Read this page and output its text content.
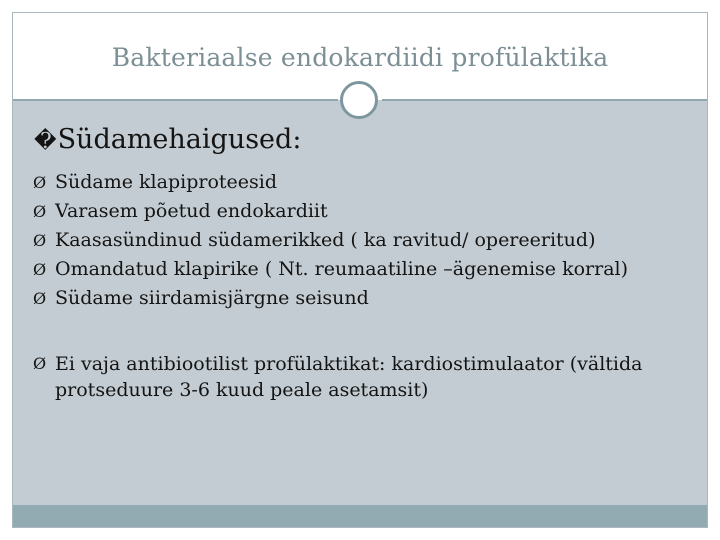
Bakteriaalse endokardiidi profülaktika
�Südamehaigused:
Ø Südame klapiproteesid
Ø Varasem põetud endokardiit
Ø Kaasasündinud südamerikked ( ka ravitud/ opereeritud)
Ø Omandatud klapirike ( Nt. reumaatiline –ägenemise korral)
Ø Südame siirdamisjärgne seisund
Ø Ei vaja antibiootilist profülaktikat: kardiostimulaator (vältida protseduure 3-6 kuud peale asetamsit)
